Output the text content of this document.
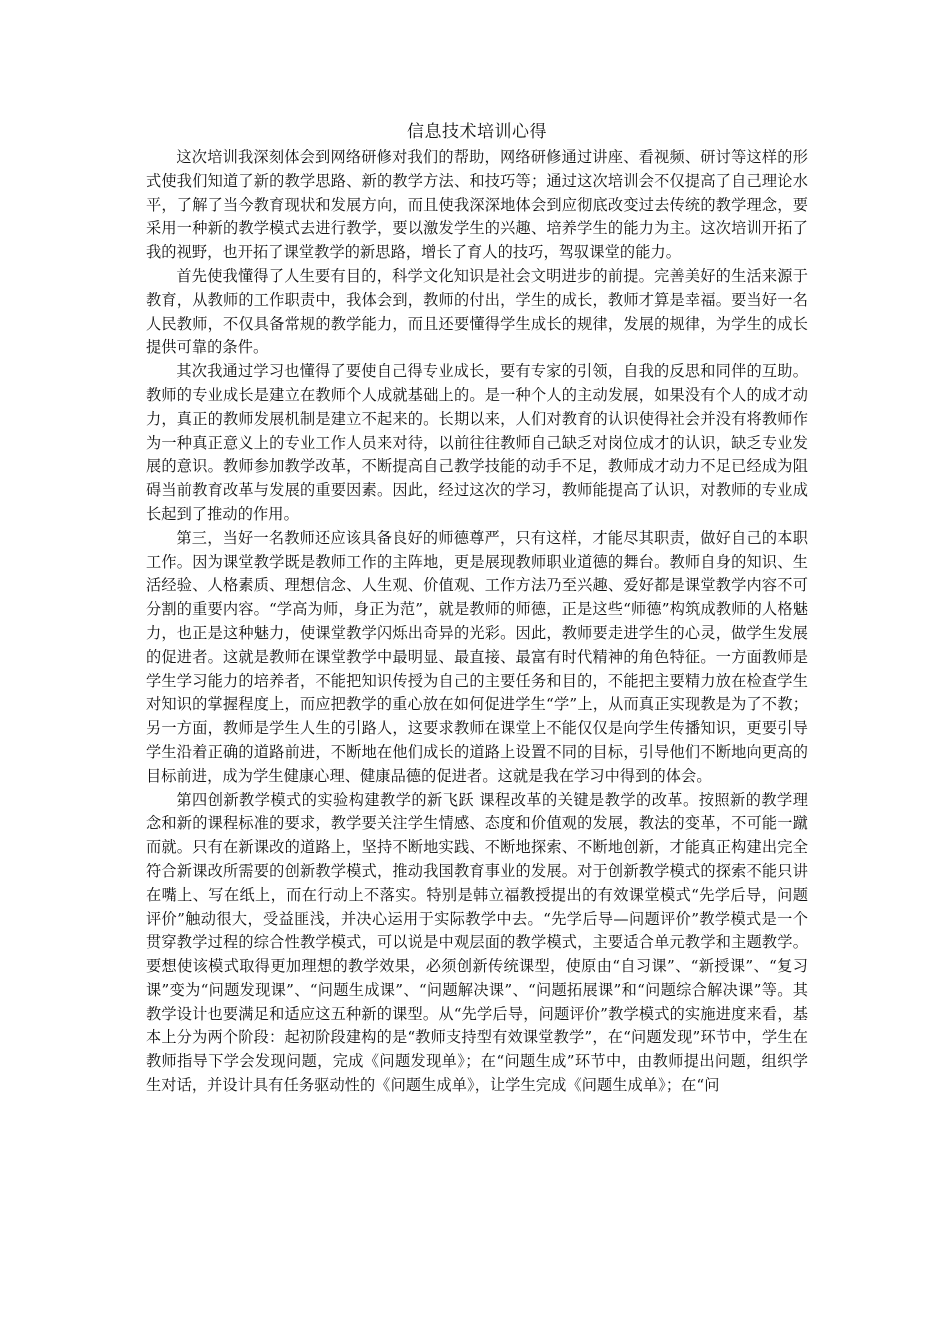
信息技术培训心得

这次培训我深刻体会到网络研修对我们的帮助，网络研修通过讲座、看视频、研讨等这样的形式使我们知道了新的教学思路、新的教学方法、和技巧等；通过这次培训会不仅提高了自己理论水平，了解了当今教育现状和发展方向，而且使我深深地体会到应彻底改变过去传统的教学理念，要采用一种新的教学模式去进行教学，要以激发学生的兴趣、培养学生的能力为主。这次培训开拓了我的视野，也开拓了课堂教学的新思路，增长了育人的技巧，驾驭课堂的能力。

首先使我懂得了人生要有目的，科学文化知识是社会文明进步的前提。完善美好的生活来源于教育，从教师的工作职责中，我体会到，教师的付出，学生的成长，教师才算是幸福。要当好一名人民教师，不仅具备常规的教学能力，而且还要懂得学生成长的规律，发展的规律，为学生的成长提供可靠的条件。

其次我通过学习也懂得了要使自己得专业成长，要有专家的引领，自我的反思和同伴的互助。教师的专业成长是建立在教师个人成就基础上的。是一种个人的主动发展，如果没有个人的成才动力，真正的教师发展机制是建立不起来的。长期以来，人们对教育的认识使得社会并没有将教师作为一种真正意义上的专业工作人员来对待，以前往往教师自己缺乏对岗位成才的认识，缺乏专业发展的意识。教师参加教学改革，不断提高自己教学技能的动手不足，教师成才动力不足已经成为阻碍当前教育改革与发展的重要因素。因此，经过这次的学习，教师能提高了认识，对教师的专业成长起到了推动的作用。

第三，当好一名教师还应该具备良好的师德尊严，只有这样，才能尽其职责，做好自己的本职工作。因为课堂教学既是教师工作的主阵地，更是展现教师职业道德的舞台。教师自身的知识、生活经验、人格素质、理想信念、人生观、价值观、工作方法乃至兴趣、爱好都是课堂教学内容不可分割的重要内容。“学高为师，身正为范”，就是教师的师德，正是这些“师德”构筑成教师的人格魅力，也正是这种魅力，使课堂教学闪烁出奇异的光彩。因此，教师要走进学生的心灵，做学生发展的促进者。这就是教师在课堂教学中最明显、最直接、最富有时代精神的角色特征。一方面教师是学生学习能力的培养者，不能把知识传授为自己的主要任务和目的，不能把主要精力放在检查学生对知识的掌握程度上，而应把教学的重心放在如何促进学生“学”上，从而真正实现教是为了不教；另一方面，教师是学生人生的引路人，这要求教师在课堂上不能仅仅是向学生传播知识，更要引导学生沿着正确的道路前进，不断地在他们成长的道路上设置不同的目标，引导他们不断地向更高的目标前进，成为学生健康心理、健康品德的促进者。这就是我在学习中得到的体会。

第四创新教学模式的实验构建教学的新飞跃 课程改革的关键是教学的改革。按照新的教学理念和新的课程标准的要求，教学要关注学生情感、态度和价值观的发展，教法的变革，不可能一蹴而就。只有在新课改的道路上，坚持不断地实践、不断地探索、不断地创新，才能真正构建出完全符合新课改所需要的创新教学模式，推动我国教育事业的发展。对于创新教学模式的探索不能只讲在嘴上、写在纸上，而在行动上不落实。特别是韩立福教授提出的有效课堂模式“先学后导，问题评价”触动很大，受益匪浅，并决心运用于实际教学中去。“先学后导—问题评价”教学模式是一个贯穿教学过程的综合性教学模式，可以说是中观层面的教学模式，主要适合单元教学和主题教学。要想使该模式取得更加理想的教学效果，必须创新传统课型，使原由“自习课”、“新授课”、“复习课”变为“问题发现课”、“问题生成课”、“问题解决课”、“问题拓展课”和“问题综合解决课”等。其教学设计也要满足和适应这五种新的课型。从“先学后导，问题评价”教学模式的实施进度来看，基本上分为两个阶段：起初阶段建构的是“教师支持型有效课堂教学”，在“问题发现”环节中，学生在教师指导下学会发现问题，完成《问题发现单》；在“问题生成”环节中，由教师提出问题，组织学生对话，并设计具有任务驱动性的《问题生成单》，让学生完成《问题生成单》；在“问
